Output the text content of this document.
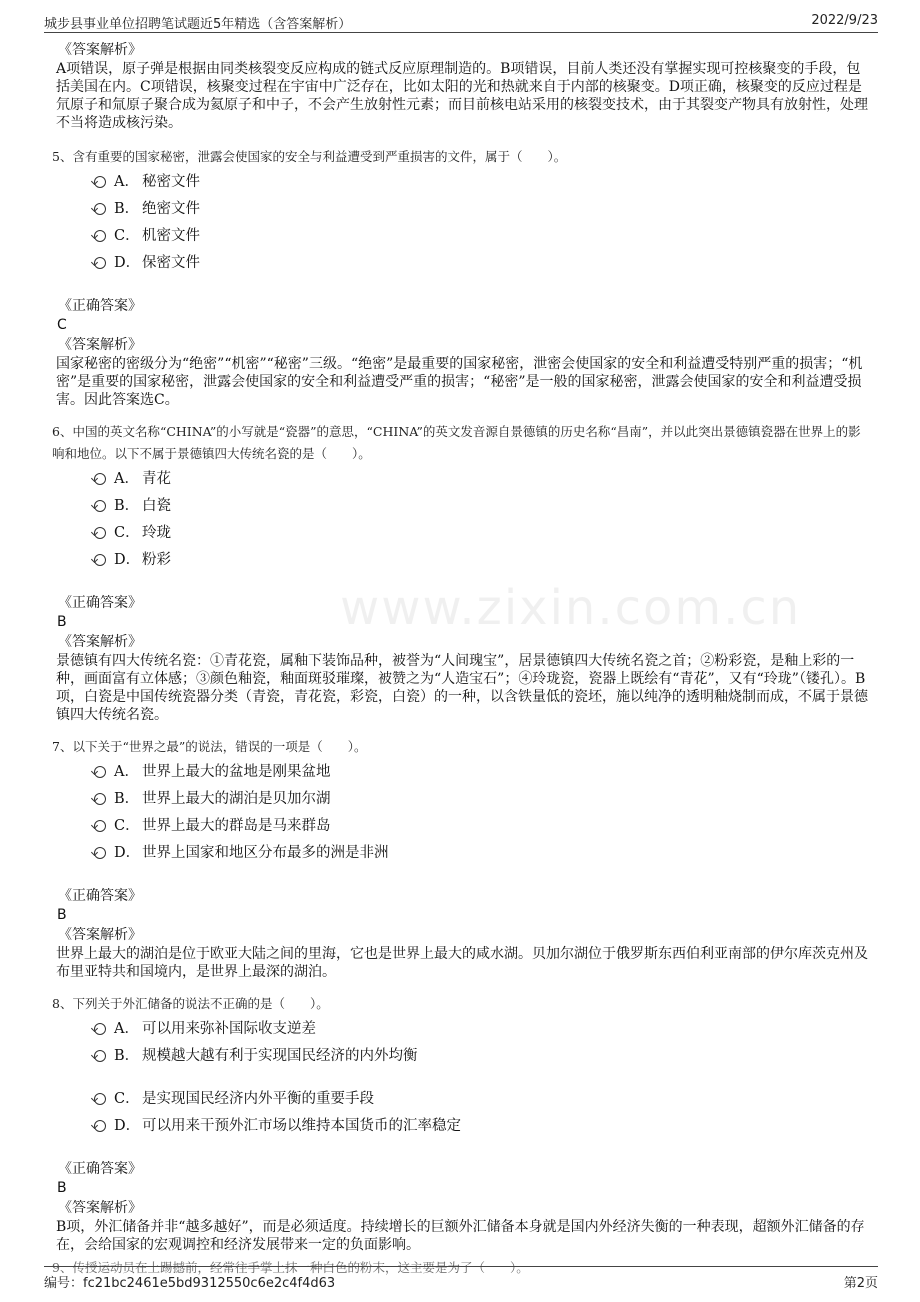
城步县事业单位招聘笔试题近5年精选（含答案解析）	2022/9/23
www.zixin.com.cn
《答案解析》
A项错误，原子弹是根据由同类核裂变反应构成的链式反应原理制造的。B项错误，目前人类还没有掌握实现可控核聚变的手段，包括美国在内。C项错误，核聚变过程在宇宙中广泛存在，比如太阳的光和热就来自于内部的核聚变。D项正确，核聚变的反应过程是氘原子和氚原子聚合成为氦原子和中子，不会产生放射性元素；而目前核电站采用的核裂变技术，由于其裂变产物具有放射性，处理不当将造成核污染。
5、含有重要的国家秘密，泄露会使国家的安全与利益遭受到严重损害的文件，属于（　　）。
A． 秘密文件
B． 绝密文件
C． 机密文件
D． 保密文件
《正确答案》
C
《答案解析》
国家秘密的密级分为“绝密”“机密”“秘密”三级。“绝密”是最重要的国家秘密，泄密会使国家的安全和利益遭受特别严重的损害；“机密”是重要的国家秘密，泄露会使国家的安全和利益遭受严重的损害；“秘密”是一般的国家秘密，泄露会使国家的安全和利益遭受损害。因此答案选C。
6、中国的英文名称“CHINA”的小写就是“瓷器”的意思，“CHINA”的英文发音源自景德镇的历史名称“昌南”，并以此突出景德镇瓷器在世界上的影响和地位。以下不属于景德镇四大传统名瓷的是（　　）。
A． 青花
B． 白瓷
C． 玲珑
D． 粉彩
《正确答案》
B
《答案解析》
景德镇有四大传统名瓷：①青花瓷，属釉下装饰品种，被誉为“人间瑰宝”，居景德镇四大传统名瓷之首；②粉彩瓷，是釉上彩的一种，画面富有立体感；③颜色釉瓷，釉面斑驳璀璨，被赞之为“人造宝石”；④玲珑瓷，瓷器上既绘有“青花”，又有“玲珑”（镂孔）。B项，白瓷是中国传统瓷器分类（青瓷，青花瓷，彩瓷，白瓷）的一种，以含铁量低的瓷坯，施以纯净的透明釉烧制而成，不属于景德镇四大传统名瓷。
7、以下关于“世界之最”的说法，错误的一项是（　　）。
A． 世界上最大的盆地是刚果盆地
B． 世界上最大的湖泊是贝加尔湖
C． 世界上最大的群岛是马来群岛
D． 世界上国家和地区分布最多的洲是非洲
《正确答案》
B
《答案解析》
世界上最大的湖泊是位于欧亚大陆之间的里海，它也是世界上最大的咸水湖。贝加尔湖位于俄罗斯东西伯利亚南部的伊尔库茨克州及布里亚特共和国境内，是世界上最深的湖泊。
8、下列关于外汇储备的说法不正确的是（　　）。
A． 可以用来弥补国际收支逆差
B． 规模越大越有利于实现国民经济的内外均衡
C． 是实现国民经济内外平衡的重要手段
D． 可以用来干预外汇市场以维持本国货币的汇率稳定
《正确答案》
B
《答案解析》
B项，外汇储备并非“越多越好”，而是必须适度。持续增长的巨额外汇储备本身就是国内外经济失衡的一种表现，超额外汇储备的存在，会给国家的宏观调控和经济发展带来一定的负面影响。
9、传授运动员在上踢撼前，经常往手掌上抹一种白色的粉末，这主要是为了（　　）。
编号：fc21bc2461e5bd9312550c6e2c4f4d63	第2页
